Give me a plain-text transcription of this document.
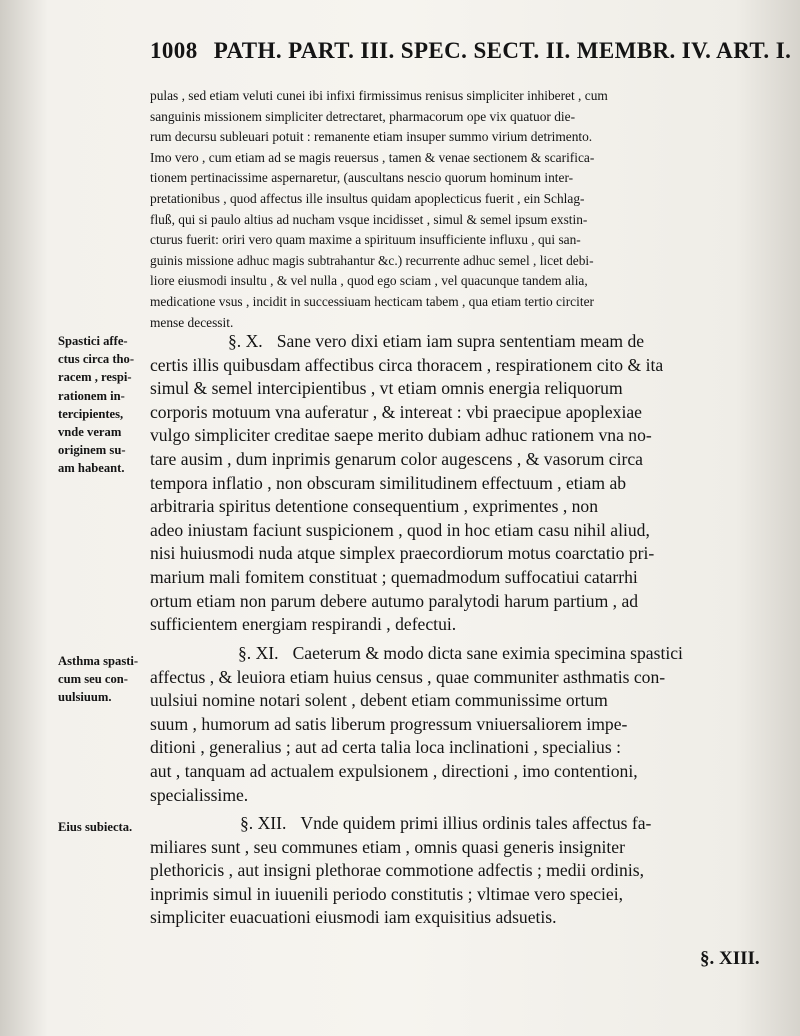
1008 PATH. PART. III. SPEC. SECT. II. MEMBR. IV. ART. I.
pulas , sed etiam veluti cunei ibi infixi firmissimus renisus simpliciter inhiberet , cum
sanguinis missionem simpliciter detrectaret, pharmacorum ope vix quatuor die-
rum decursu subleuari potuit : remanente etiam insuper summo virium detrimento.
Imo vero , cum etiam ad se magis reuersus , tamen & venae sectionem & scarifica-
tionem pertinacissime aspernaretur, (auscultans nescio quorum hominum inter-
pretationibus , quod affectus ille insultus quidam apoplecticus fuerit , ein Schlag-
fluß, qui si paulo altius ad nucham vsque incidisset , simul & semel ipsum exstin-
cturus fuerit: oriri vero quam maxime a spirituum insufficiente influxu , qui san-
guinis missione adhuc magis subtrahantur &c.) recurrente adhuc semel , licet debi-
liore eiusmodi insultu , & vel nulla , quod ego sciam , vel quacunque tandem alia,
medicatione vsus , incidit in successiuam hecticam tabem , qua etiam tertio circiter
mense decessit.
Spastici affe-
ctus circa tho-
racem , respi-
rationem in-
tercipientes,
vnde veram
originem su-
am habeant.
§. X. Sane vero dixi etiam iam supra sententiam meam de
certis illis quibusdam affectibus circa thoracem , respirationem cito & ita
simul & semel intercipientibus , vt etiam omnis energia reliquorum
corporis motuum vna auferatur , & intereat : vbi praecipue apoplexiae
vulgo simpliciter creditae saepe merito dubiam adhuc rationem vna no-
tare ausim , dum inprimis genarum color augescens , & vasorum circa
tempora inflatio , non obscuram similitudinem effectuum , etiam ab
arbitraria spiritus detentione consequentium , exprimentes , non
adeo iniustam faciunt suspicionem , quod in hoc etiam casu nihil aliud,
nisi huiusmodi nuda atque simplex praecordiorum motus coarctatio pri-
marium mali fomitem constituat ; quemadmodum suffocatiui catarrhi
ortum etiam non parum debere autumo paralytodi harum partium , ad
sufficientem energiam respirandi , defectui.
Asthma spasti-
cum seu con-
uulsiuum.
§. XI. Caeterum & modo dicta sane eximia specimina spastici
affectus , & leuiora etiam huius census , quae communiter asthmatis con-
uulsiui nomine notari solent , debent etiam communissime ortum
suum , humorum ad satis liberum progressum vniuersaliorem impe-
ditioni , generalius ; aut ad certa talia loca inclinationi , specialius :
aut , tanquam ad actualem expulsionem , directioni , imo contentioni,
specialissime.
Eius subiecta.	§. XII. Vnde quidem primi illius ordinis tales affectus fa-
miliares sunt , seu communes etiam , omnis quasi generis insigniter
plethoricis , aut insigni plethorae commotione adfectis ; medii ordinis,
inprimis simul in iuuenili periodo constitutis ; vltimae vero speciei,
simpliciter euacuationi eiusmodi iam exquisitius adsuetis.
§. XIII.
